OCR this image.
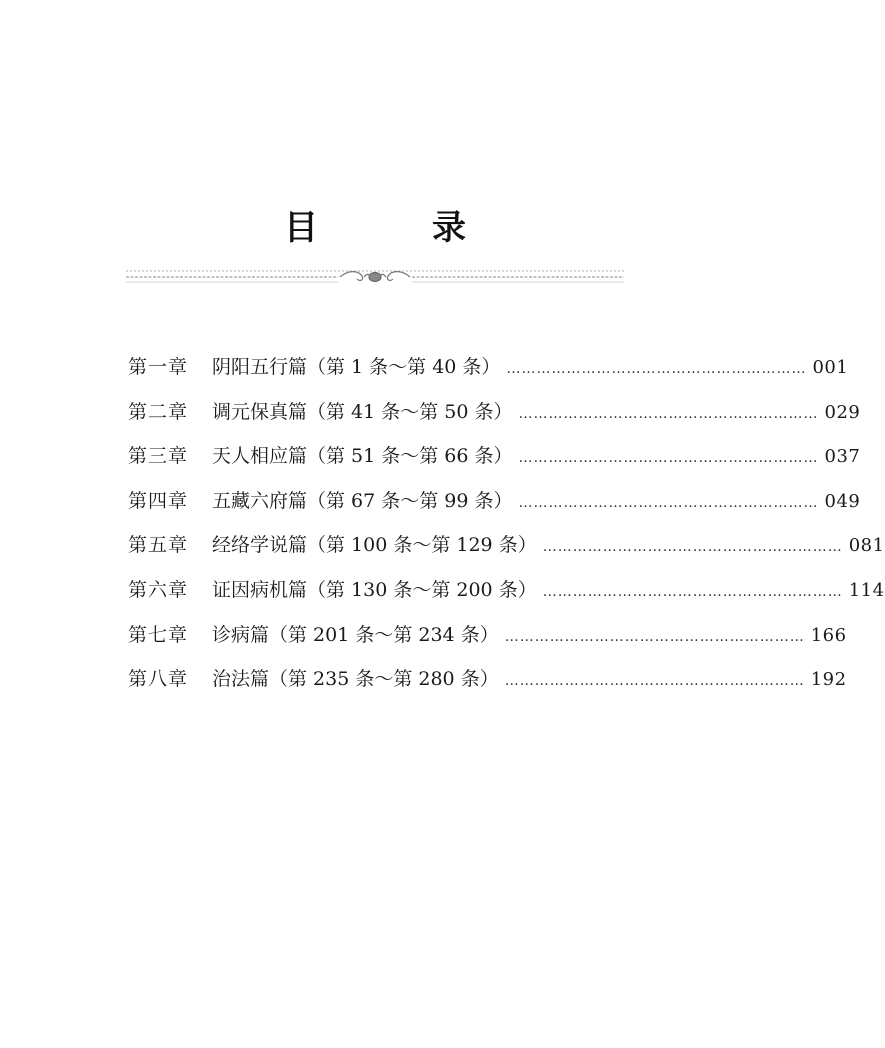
目　录
第一章	阴阳五行篇（第 1 条～第 40 条） …………………………………………………… 001
第二章	调元保真篇（第 41 条～第 50 条） …………………………………………………… 029
第三章	天人相应篇（第 51 条～第 66 条） …………………………………………………… 037
第四章	五藏六府篇（第 67 条～第 99 条） …………………………………………………… 049
第五章	经络学说篇（第 100 条～第 129 条） …………………………………………………… 081
第六章	证因病机篇（第 130 条～第 200 条） …………………………………………………… 114
第七章	诊病篇（第 201 条～第 234 条） …………………………………………………… 166
第八章	治法篇（第 235 条～第 280 条） …………………………………………………… 192
